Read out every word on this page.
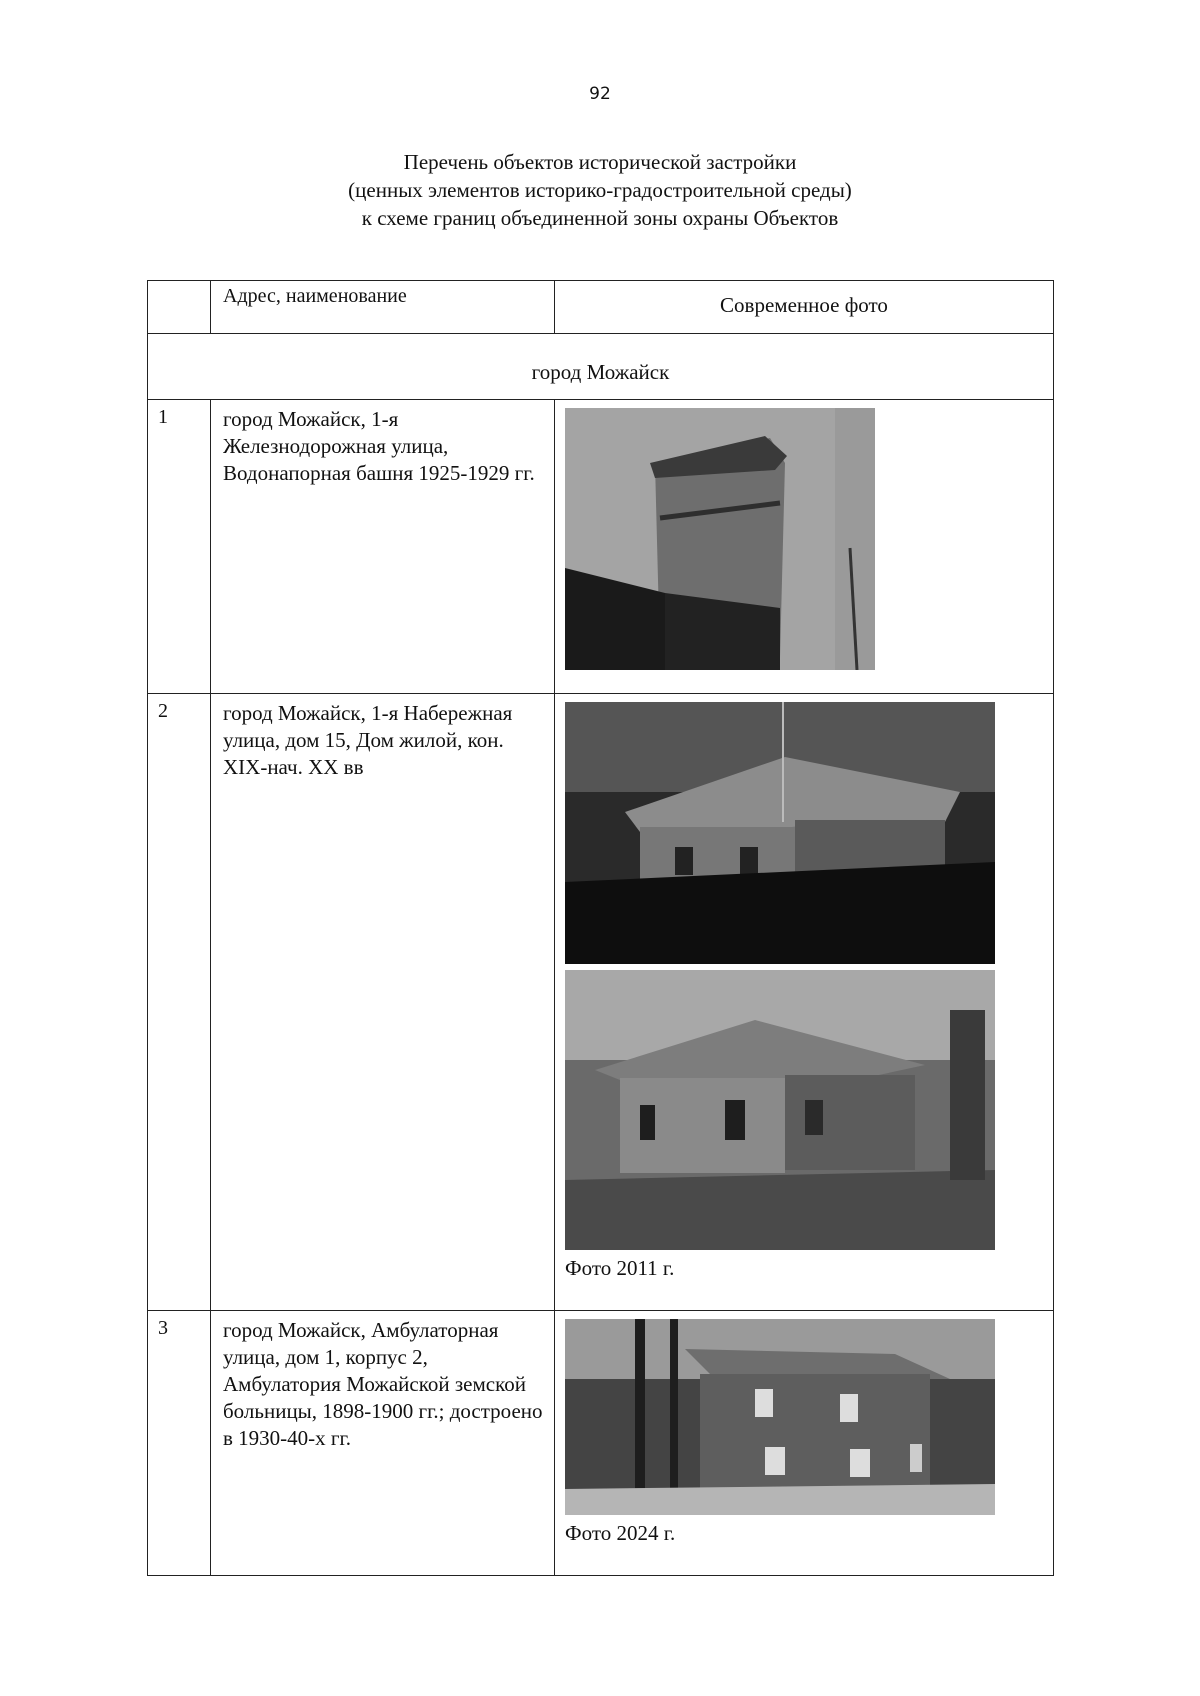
92
Перечень объектов исторической застройки
(ценных элементов историко-градостроительной среды)
к схеме границ объединенной зоны охраны Объектов
	Адрес, наименование	Современное фото
город Можайск		
1	город Можайск, 1-я Железнодорожная улица, Водонапорная башня 1925-1929 гг.	

2	город Можайск, 1-я Набережная улица, дом 15, Дом жилой, кон. XIX-нач. XX вв	Фото 2011 г.

3	город Можайск, Амбулаторная улица, дом 1, корпус 2, Амбулатория Можайской земской больницы, 1898-1900 гг.; достроено в 1930-40-х гг.	Фото 2024 г.
